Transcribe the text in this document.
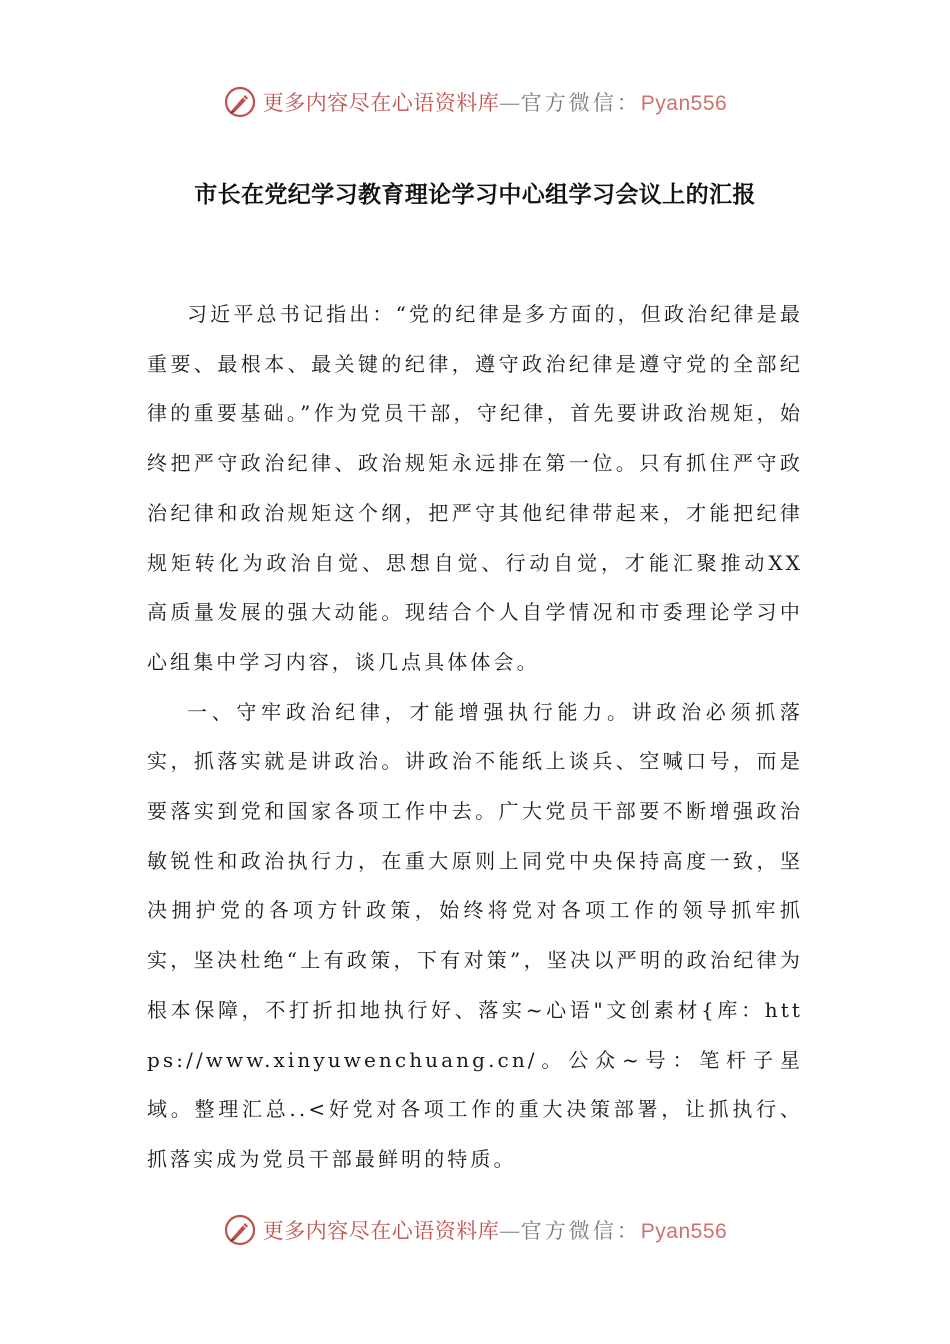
更多内容尽在心语资料库—官方微信：Pyan556
市长在党纪学习教育理论学习中心组学习会议上的汇报

习近平总书记指出：“党的纪律是多方面的，但政治纪律是最重要、最根本、最关键的纪律，遵守政治纪律是遵守党的全部纪律的重要基础。”作为党员干部，守纪律，首先要讲政治规矩，始终把严守政治纪律、政治规矩永远排在第一位。只有抓住严守政治纪律和政治规矩这个纲，把严守其他纪律带起来，才能把纪律规矩转化为政治自觉、思想自觉、行动自觉，才能汇聚推动XX高质量发展的强大动能。现结合个人自学情况和市委理论学习中心组集中学习内容，谈几点具体体会。

一、守牢政治纪律，才能增强执行能力。讲政治必须抓落实，抓落实就是讲政治。讲政治不能纸上谈兵、空喊口号，而是要落实到党和国家各项工作中去。广大党员干部要不断增强政治敏锐性和政治执行力，在重大原则上同党中央保持高度一致，坚决拥护党的各项方针政策，始终将党对各项工作的领导抓牢抓实，坚决杜绝“上有政策，下有对策”，坚决以严明的政治纪律为根本保障，不打折扣地执行好、落实~心语"文创素材{库：https://www.xinyuwenchuang.cn/。公众~号：笔杆子星域。整理汇总..<好党对各项工作的重大决策部署，让抓执行、抓落实成为党员干部最鲜明的特质。

更多内容尽在心语资料库—官方微信：Pyan556
